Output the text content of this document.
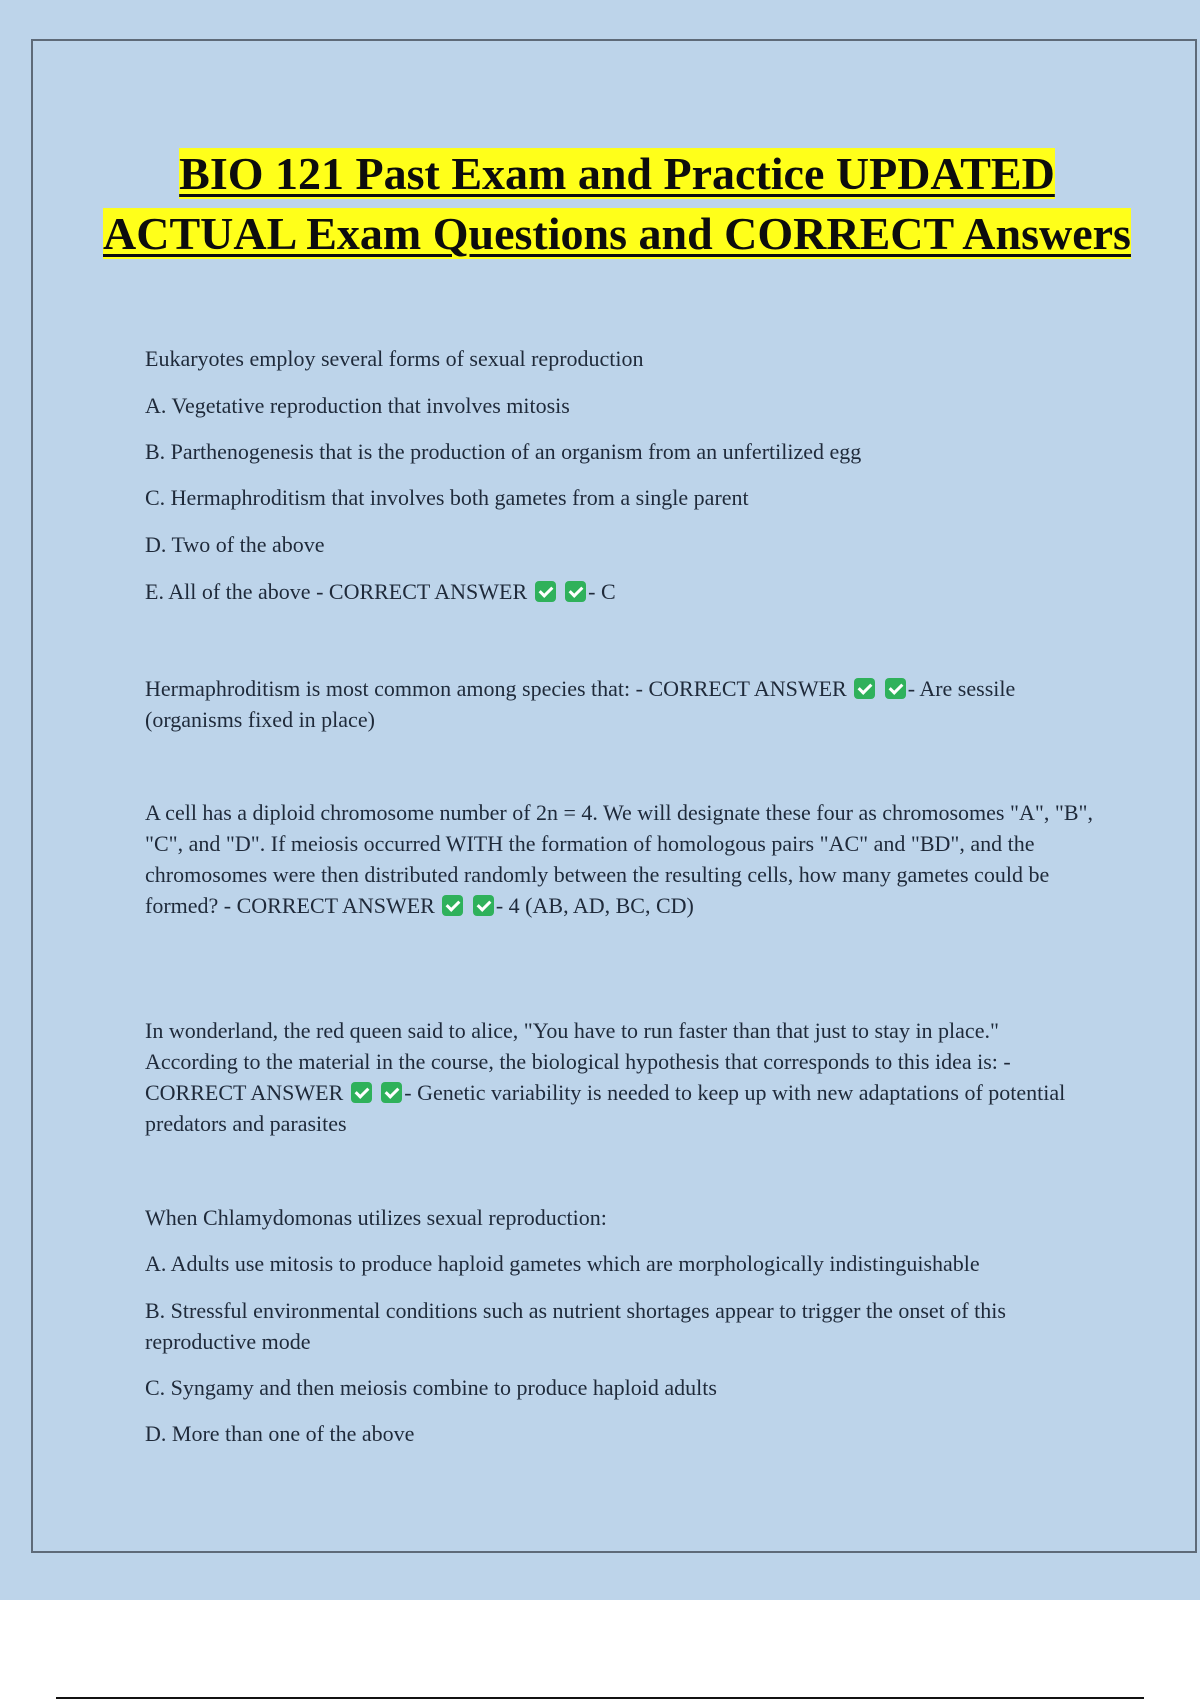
BIO 121 Past Exam and Practice UPDATED ACTUAL Exam Questions and CORRECT Answers

Eukaryotes employ several forms of sexual reproduction

A. Vegetative reproduction that involves mitosis

B. Parthenogenesis that is the production of an organism from an unfertilized egg

C. Hermaphroditism that involves both gametes from a single parent

D. Two of the above

E. All of the above - CORRECT ANSWER	- C

Hermaphroditism is most common among species that: - CORRECT ANSWER	- Are sessile (organisms fixed in place)

A cell has a diploid chromosome number of 2n = 4. We will designate these four as chromosomes "A", "B", "C", and "D". If meiosis occurred WITH the formation of homologous pairs "AC" and "BD", and the chromosomes were then distributed randomly between the resulting cells, how many gametes could be formed? - CORRECT ANSWER	- 4 (AB, AD, BC, CD)

In wonderland, the red queen said to alice, "You have to run faster than that just to stay in place." According to the material in the course, the biological hypothesis that corresponds to this idea is: - CORRECT ANSWER	- Genetic variability is needed to keep up with new adaptations of potential predators and parasites

When Chlamydomonas utilizes sexual reproduction:

A. Adults use mitosis to produce haploid gametes which are morphologically indistinguishable

B. Stressful environmental conditions such as nutrient shortages appear to trigger the onset of this reproductive mode

C. Syngamy and then meiosis combine to produce haploid adults

D. More than one of the above
